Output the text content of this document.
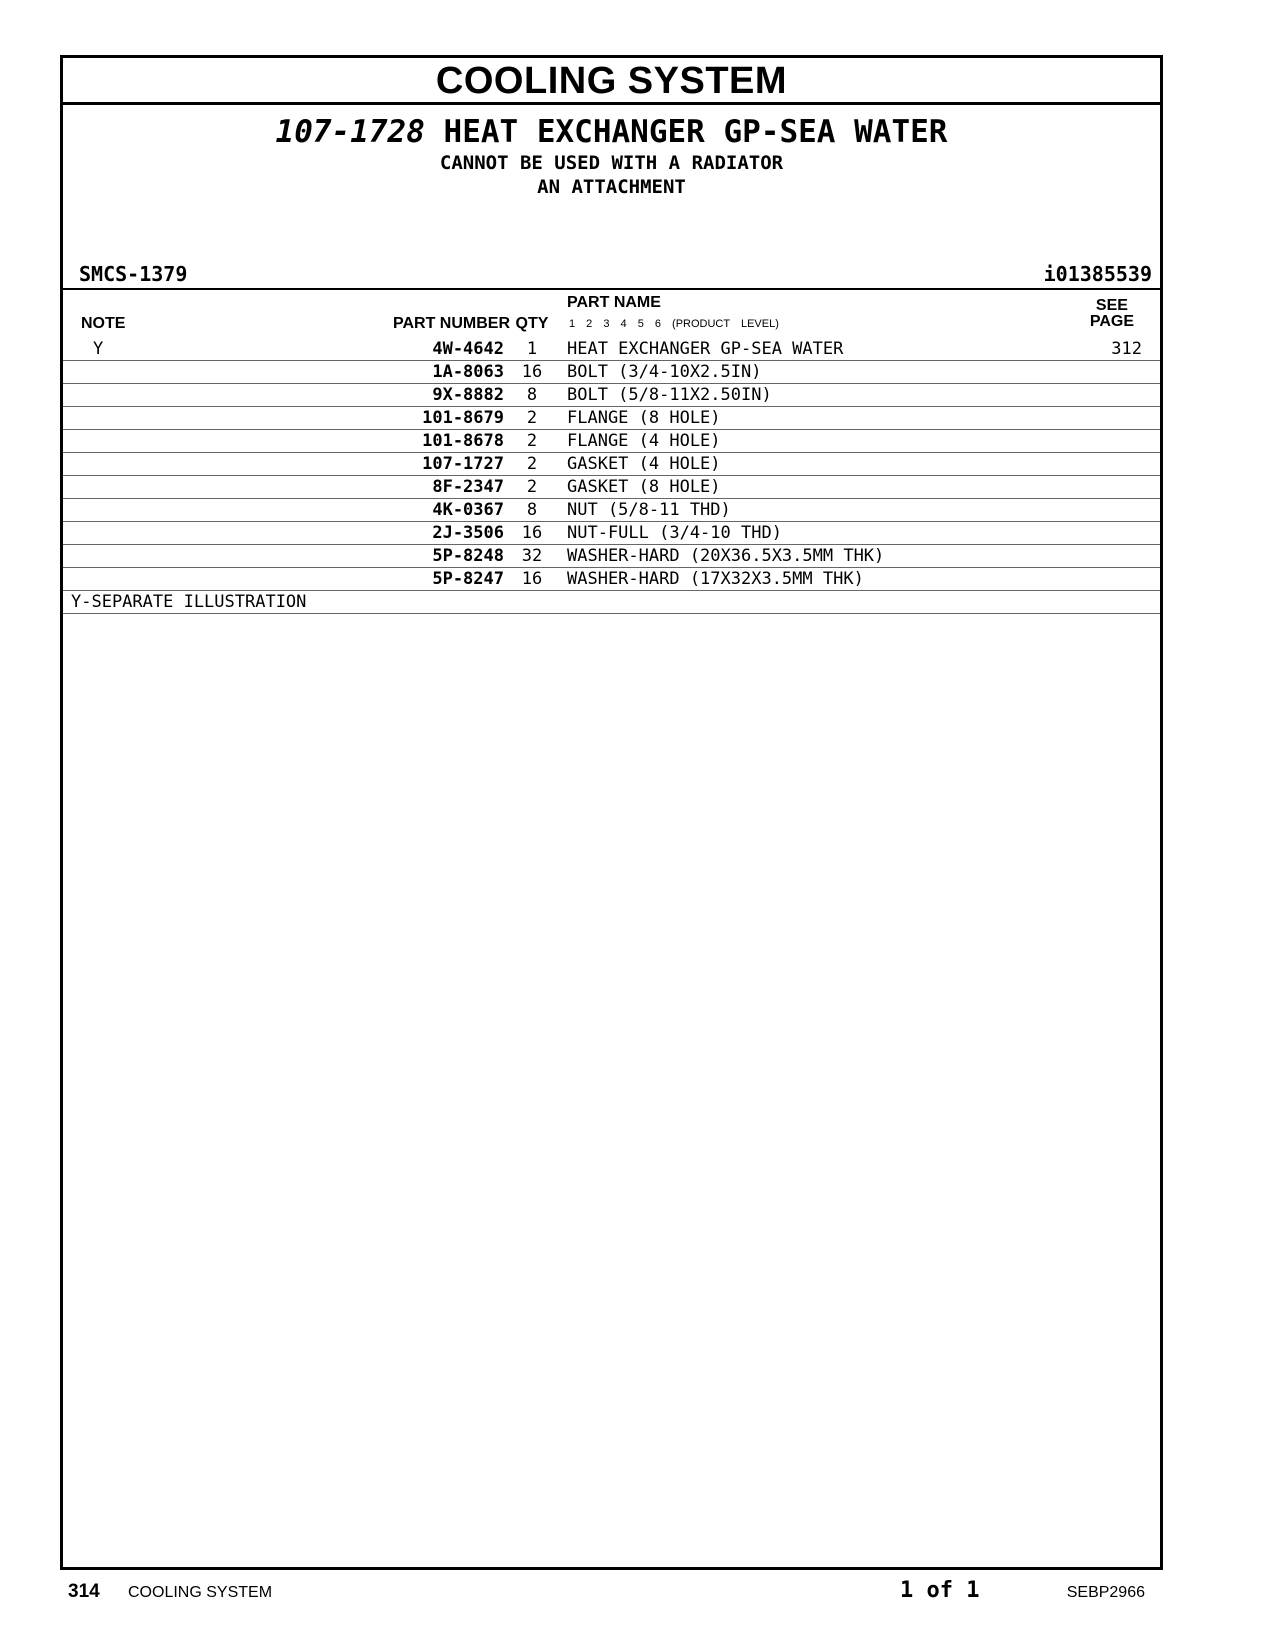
COOLING SYSTEM
107-1728 HEAT EXCHANGER GP-SEA WATER
CANNOT BE USED WITH A RADIATOR
AN ATTACHMENT
SMCS-1379	i01385539
NOTE	PART NUMBER QTY
PART NAME
1 2 3 4 5 6 (PRODUCT LEVEL)
SEE
PAGE
Y	4W-4642	1	HEAT EXCHANGER GP-SEA WATER	312
1A-8063	16	BOLT (3/4-10X2.5IN)
9X-8882	8	BOLT (5/8-11X2.50IN)
101-8679	2	FLANGE (8 HOLE)
101-8678	2	FLANGE (4 HOLE)
107-1727	2	GASKET (4 HOLE)
8F-2347	2	GASKET (8 HOLE)
4K-0367	8	NUT (5/8-11 THD)
2J-3506	16	NUT-FULL (3/4-10 THD)
5P-8248	32	WASHER-HARD (20X36.5X3.5MM THK)
5P-8247	16	WASHER-HARD (17X32X3.5MM THK)
Y-SEPARATE ILLUSTRATION
314 COOLING SYSTEM	1 of 1	SEBP2966
